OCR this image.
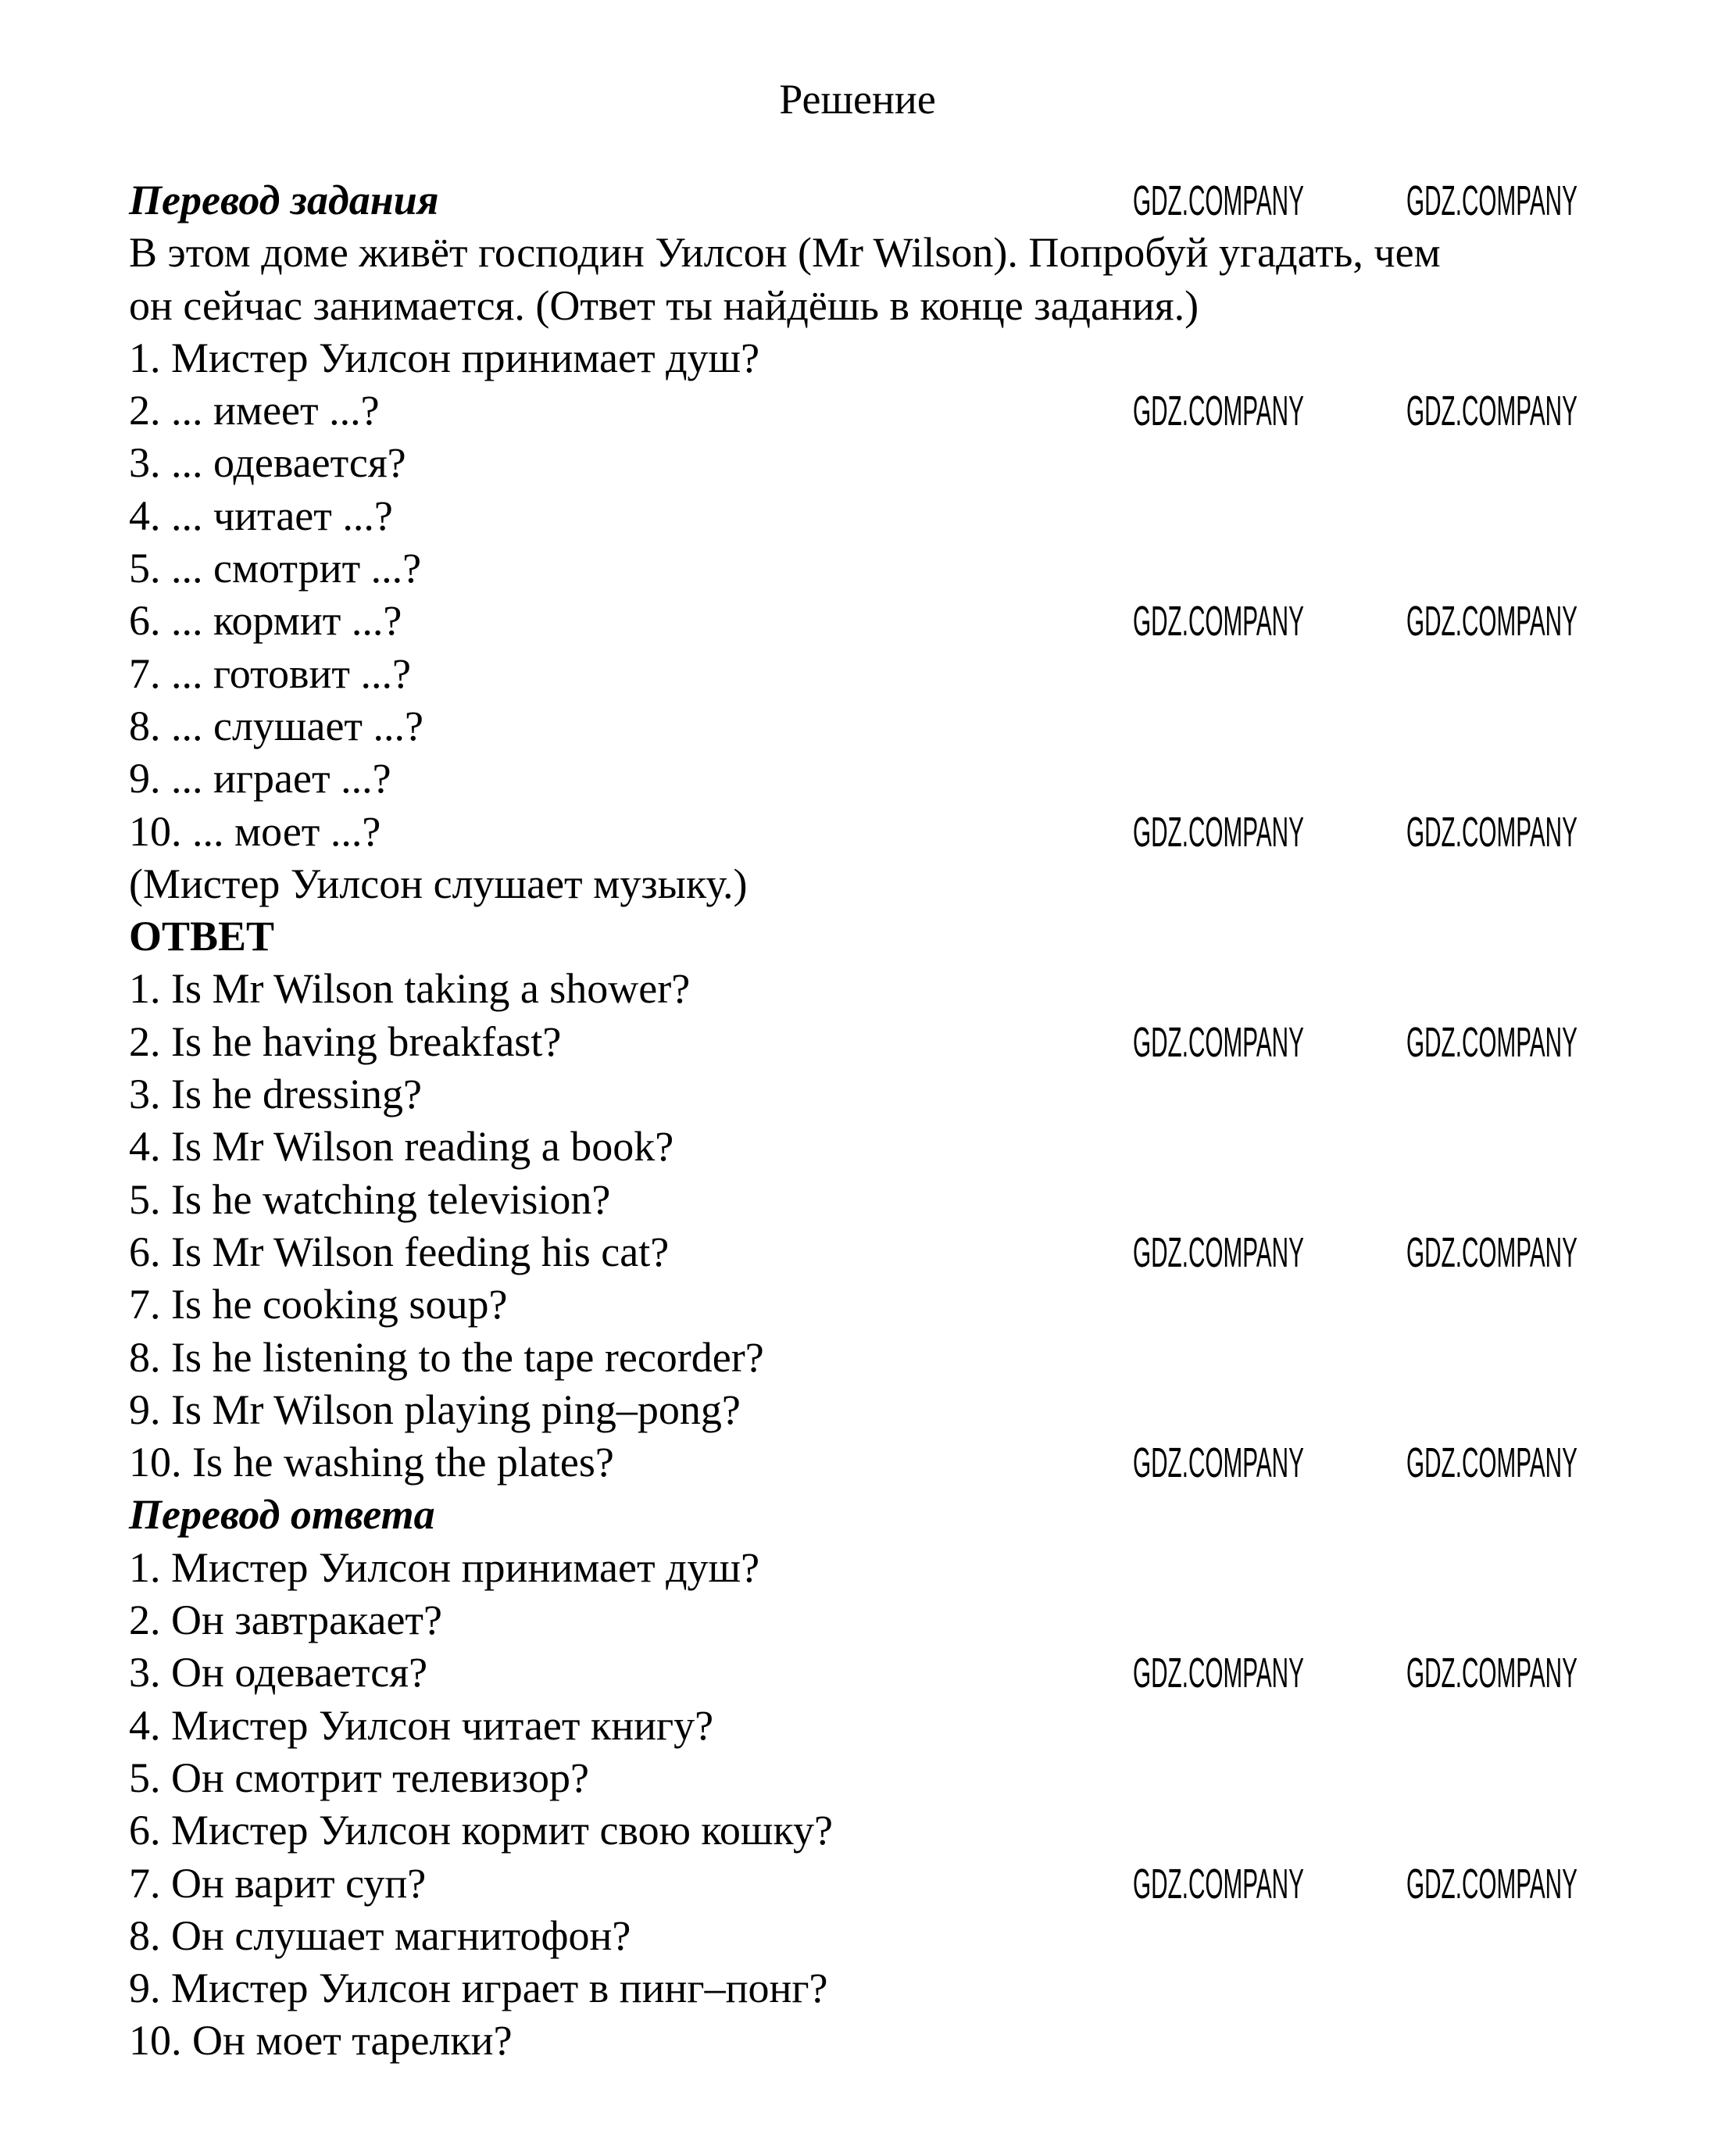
Решение
Перевод задания
В этом доме живёт господин Уилсон (Mr Wilson). Попробуй угадать, чем
он сейчас занимается. (Ответ ты найдёшь в конце задания.)
1. Мистер Уилсон принимает душ?
2. ... имеет ...?
3. ... одевается?
4. ... читает ...?
5. ... смотрит ...?
6. ... кормит ...?
7. ... готовит ...?
8. ... слушает ...?
9. ... играет ...?
10. ... моет ...?
(Мистер Уилсон слушает музыку.)
ОТВЕТ
1. Is Mr Wilson taking a shower?
2. Is he having breakfast?
3. Is he dressing?
4. Is Mr Wilson reading a book?
5. Is he watching television?
6. Is Mr Wilson feeding his cat?
7. Is he cooking soup?
8. Is he listening to the tape recorder?
9. Is Mr Wilson playing ping–pong?
10. Is he washing the plates?
Перевод ответа
1. Мистер Уилсон принимает душ?
2. Он завтракает?
3. Он одевается?
4. Мистер Уилсон читает книгу?
5. Он смотрит телевизор?
6. Мистер Уилсон кормит свою кошку?
7. Он варит суп?
8. Он слушает магнитофон?
9. Мистер Уилсон играет в пинг–понг?
10. Он моет тарелки?
GDZ.COMPANY GDZ.COMPANY
GDZ.COMPANY GDZ.COMPANY
GDZ.COMPANY GDZ.COMPANY
GDZ.COMPANY GDZ.COMPANY
GDZ.COMPANY GDZ.COMPANY
GDZ.COMPANY GDZ.COMPANY
GDZ.COMPANY GDZ.COMPANY
GDZ.COMPANY GDZ.COMPANY
GDZ.COMPANY GDZ.COMPANY
